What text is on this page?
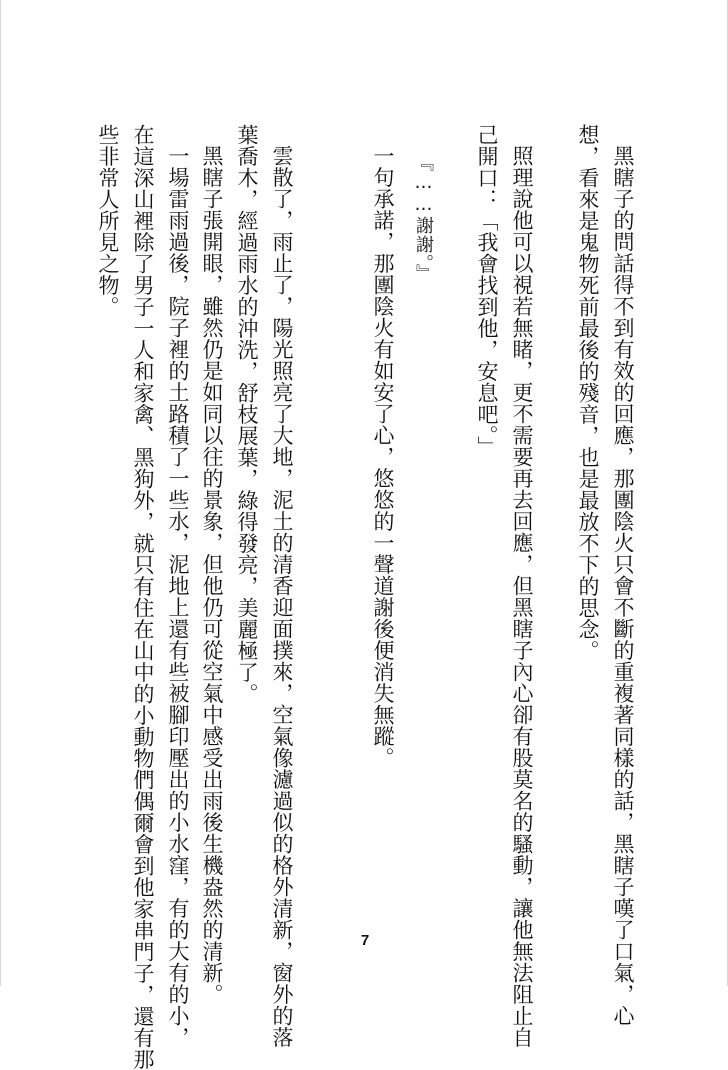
黑瞎子的問話得不到有效的回應，那團陰火只會不斷的重複著同樣的話，黑瞎子嘆了口氣，心
想，看來是鬼物死前最後的殘音，也是最放不下的思念。
照理說他可以視若無睹，更不需要再去回應，但黑瞎子內心卻有股莫名的騷動，讓他無法阻止自
己開口：「我會找到他，安息吧。」
『……謝謝。』
一句承諾，那團陰火有如安了心，悠悠的一聲道謝後便消失無蹤。
雲散了，雨止了，陽光照亮了大地，泥土的清香迎面撲來，空氣像濾過似的格外清新，窗外的落
葉喬木，經過雨水的沖洗，舒枝展葉，綠得發亮，美麗極了。
黑瞎子張開眼，雖然仍是如同以往的景象，但他仍可從空氣中感受出雨後生機盎然的清新。
一場雷雨過後，院子裡的土路積了一些水，泥地上還有些被腳印壓出的小水窪，有的大有的小，
在這深山裡除了男子一人和家禽、黑狗外，就只有住在山中的小動物們偶爾會到他家串門子，還有那
些非常人所見之物。
7
